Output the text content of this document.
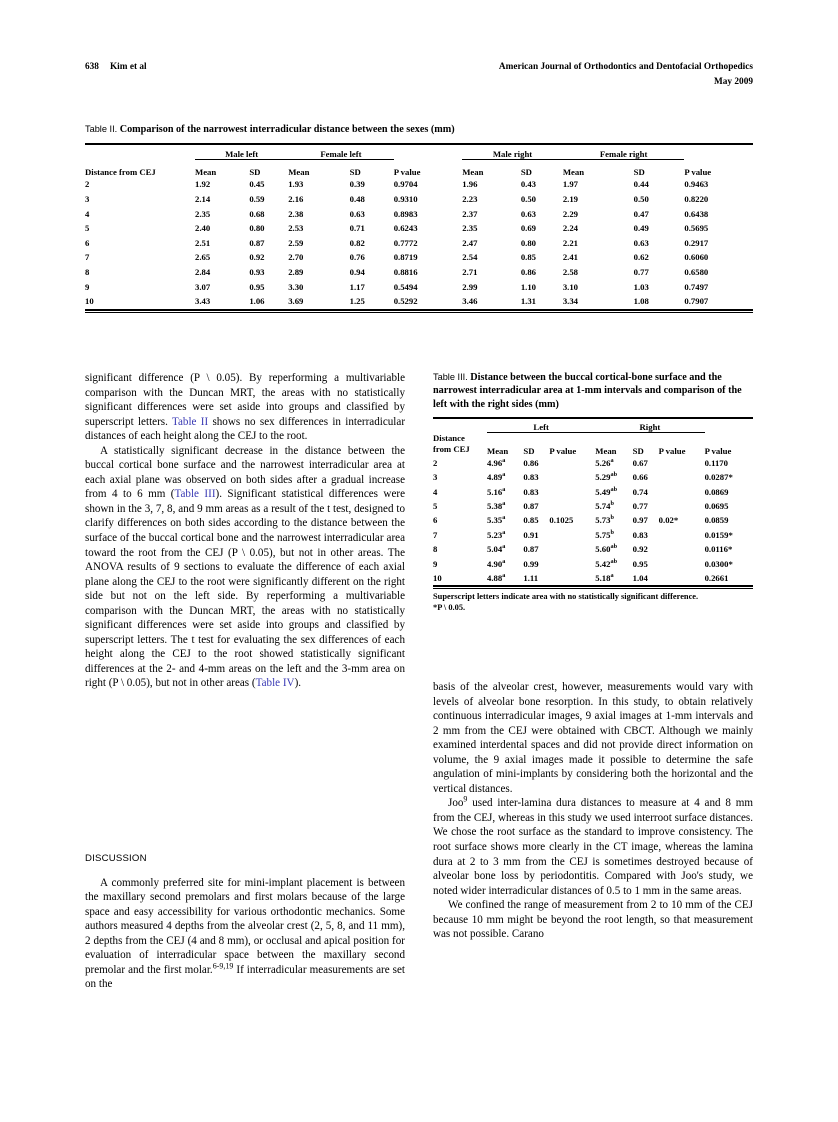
638 Kim et al	American Journal of Orthodontics and Dentofacial Orthopedics
May 2009
Table II. Comparison of the narrowest interradicular distance between the sexes (mm)
	Male left		Female left			Male right		Female right		
Distance from CEJ	Mean	SD	Mean	SD	P value	Mean	SD	Mean	SD	P value
2	1.92	0.45	1.93	0.39	0.9704	1.96	0.43	1.97	0.44	0.9463
3	2.14	0.59	2.16	0.48	0.9310	2.23	0.50	2.19	0.50	0.8220
4	2.35	0.68	2.38	0.63	0.8983	2.37	0.63	2.29	0.47	0.6438
5	2.40	0.80	2.53	0.71	0.6243	2.35	0.69	2.24	0.49	0.5695
6	2.51	0.87	2.59	0.82	0.7772	2.47	0.80	2.21	0.63	0.2917
7	2.65	0.92	2.70	0.76	0.8719	2.54	0.85	2.41	0.62	0.6060
8	2.84	0.93	2.89	0.94	0.8816	2.71	0.86	2.58	0.77	0.6580
9	3.07	0.95	3.30	1.17	0.5494	2.99	1.10	3.10	1.03	0.7497
10	3.43	1.06	3.69	1.25	0.5292	3.46	1.31	3.34	1.08	0.7907

significant difference (P \ 0.05). By reperforming a multivariable comparison with the Duncan MRT, the areas with no statistically significant differences were set aside into groups and classified by superscript letters. Table II shows no sex differences in interradicular distances of each height along the CEJ to the root.

A statistically significant decrease in the distance between the buccal cortical bone surface and the narrowest interradicular area at each axial plane was observed on both sides after a gradual increase from 4 to 6 mm (Table III). Significant statistical differences were shown in the 3, 7, 8, and 9 mm areas as a result of the t test, designed to clarify differences on both sides according to the distance between the surface of the buccal cortical bone and the narrowest interradicular area toward the root from the CEJ (P \ 0.05), but not in other areas. The ANOVA results of 9 sections to evaluate the difference of each axial plane along the CEJ to the root were significantly different on the right side but not on the left side. By reperforming a multivariable comparison with the Duncan MRT, the areas with no statistically significant differences were set aside into groups and classified by superscript letters. The t test for evaluating the sex differences of each height along the CEJ to the root showed statistically significant differences at the 2- and 4-mm areas on the left and the 3-mm area on right (P \ 0.05), but not in other areas (Table IV).

DISCUSSION

A commonly preferred site for mini-implant placement is between the maxillary second premolars and first molars because of the large space and easy accessibility for various orthodontic mechanics. Some authors measured 4 depths from the alveolar crest (2, 5, 8, and 11 mm), 2 depths from the CEJ (4 and 8 mm), or occlusal and apical position for evaluation of interradicular space between the maxillary second premolar and the first molar.$^{6-9,19}$ If interradicular measurements are set on the

Table III. Distance between the buccal cortical-bone surface and the narrowest interradicular area at 1-mm intervals and comparison of the left with the right sides (mm)
	Left			Right			

Distance
from CEJ	Mean	SD	P value	Mean	SD	P value	P value
2	4.96$^a$	0.86		5.26$^a$	0.67		0.1170
3	4.89$^a$	0.83		5.29$^{ab}$	0.66		0.0287*
4	5.16$^a$	0.83		5.49$^{ab}$	0.74		0.0869
5	5.38$^a$	0.87		5.74$^b$	0.77		0.0695
6	5.35$^a$	0.85	0.1025	5.73$^b$	0.97	0.02*	0.0859
7	5.23$^a$	0.91		5.75$^b$	0.83		0.0159*
8	5.04$^a$	0.87		5.60$^{ab}$	0.92		0.0116*
9	4.90$^a$	0.99		5.42$^{ab}$	0.95		0.0300*
10	4.88$^a$	1.11		5.18$^a$	1.04		0.2661
Superscript letters indicate area with no statistically significant difference.
*P \ 0.05.

basis of the alveolar crest, however, measurements would vary with levels of alveolar bone resorption. In this study, to obtain relatively continuous interradicular images, 9 axial images at 1-mm intervals and 2 mm from the CEJ were obtained with CBCT. Although we mainly examined interdental spaces and did not provide direct information on volume, the 9 axial images made it possible to determine the safe angulation of mini-implants by considering both the horizontal and the vertical distances.

Joo$^9$ used inter-lamina dura distances to measure at 4 and 8 mm from the CEJ, whereas in this study we used interroot surface distances. We chose the root surface as the standard to improve consistency. The root surface shows more clearly in the CT image, whereas the lamina dura at 2 to 3 mm from the CEJ is sometimes destroyed because of alveolar bone loss by periodontitis. Compared with Joo's study, we noted wider interradicular distances of 0.5 to 1 mm in the same areas.

We confined the range of measurement from 2 to 10 mm of the CEJ because 10 mm might be beyond the root length, so that measurement was not possible. Carano
